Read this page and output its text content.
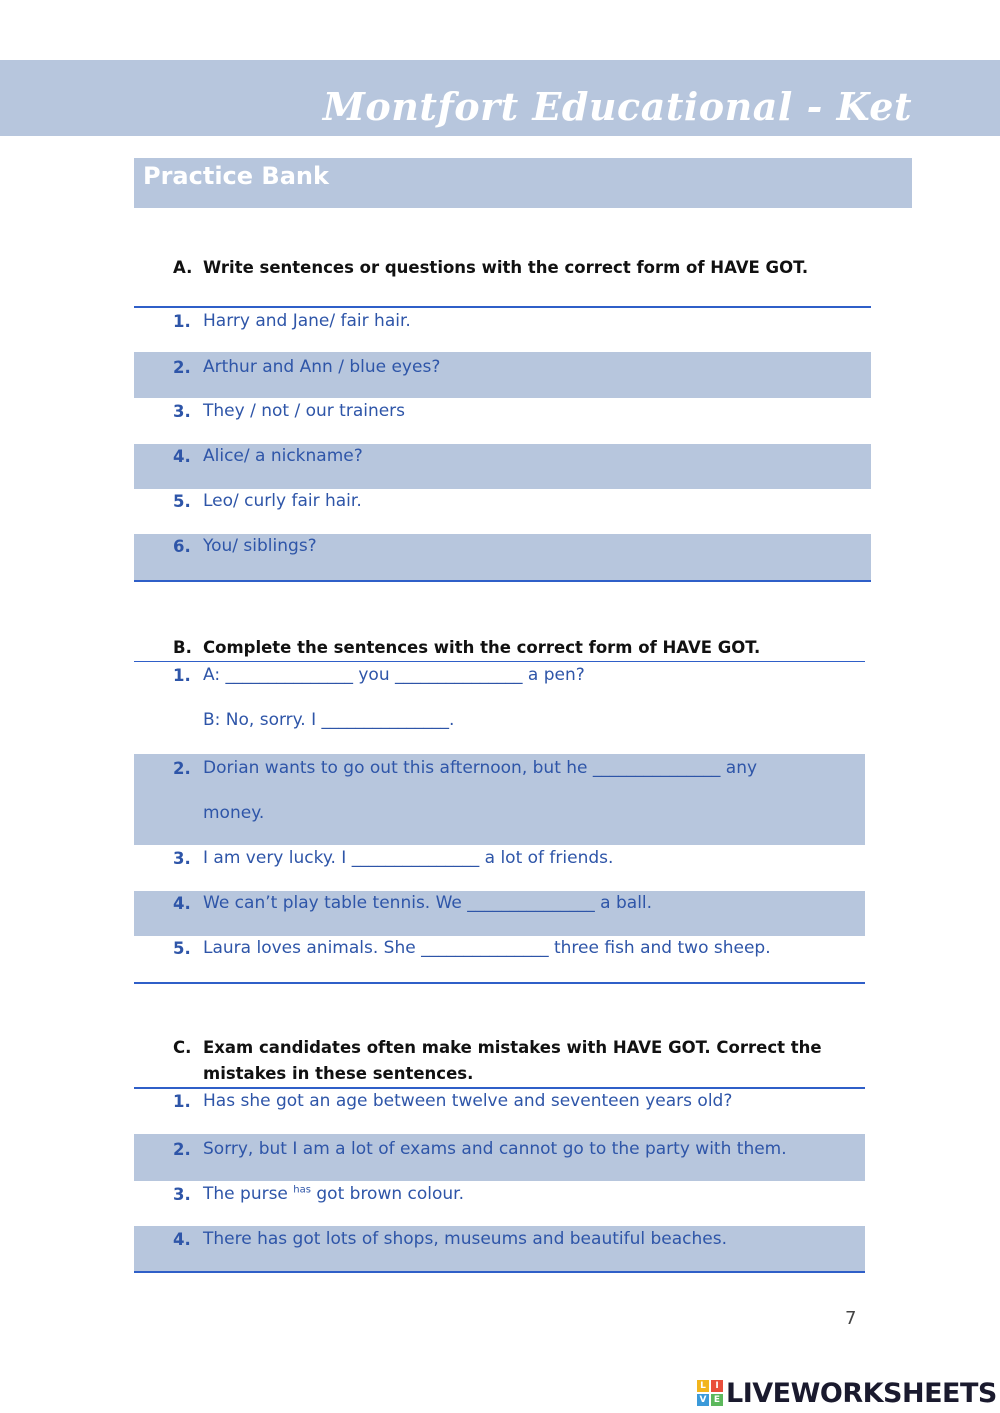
Montfort Educational - Ket
Practice Bank
A. Write sentences or questions with the correct form of HAVE GOT.
1. Harry and Jane/ fair hair.
2. Arthur and Ann / blue eyes?
3. They / not / our trainers
4. Alice/ a nickname?
5. Leo/ curly fair hair.
6. You/ siblings?
B. Complete the sentences with the correct form of HAVE GOT.
1. A: _______________ you _______________ a pen?
B: No, sorry. I _______________.
2. Dorian wants to go out this afternoon, but he _______________ any
money.
3. I am very lucky. I _______________ a lot of friends.
4. We can’t play table tennis. We _______________ a ball.
5. Laura loves animals. She _______________ three fish and two sheep.
C. Exam candidates often make mistakes with HAVE GOT. Correct the
mistakes in these sentences.
1. Has she got an age between twelve and seventeen years old?
2. Sorry, but I am a lot of exams and cannot go to the party with them.
3. The purse $^{has}$ got brown colour.
4. There has got lots of shops, museums and beautiful beaches.
7
L	I
V E LIVEWORKSHEETS
